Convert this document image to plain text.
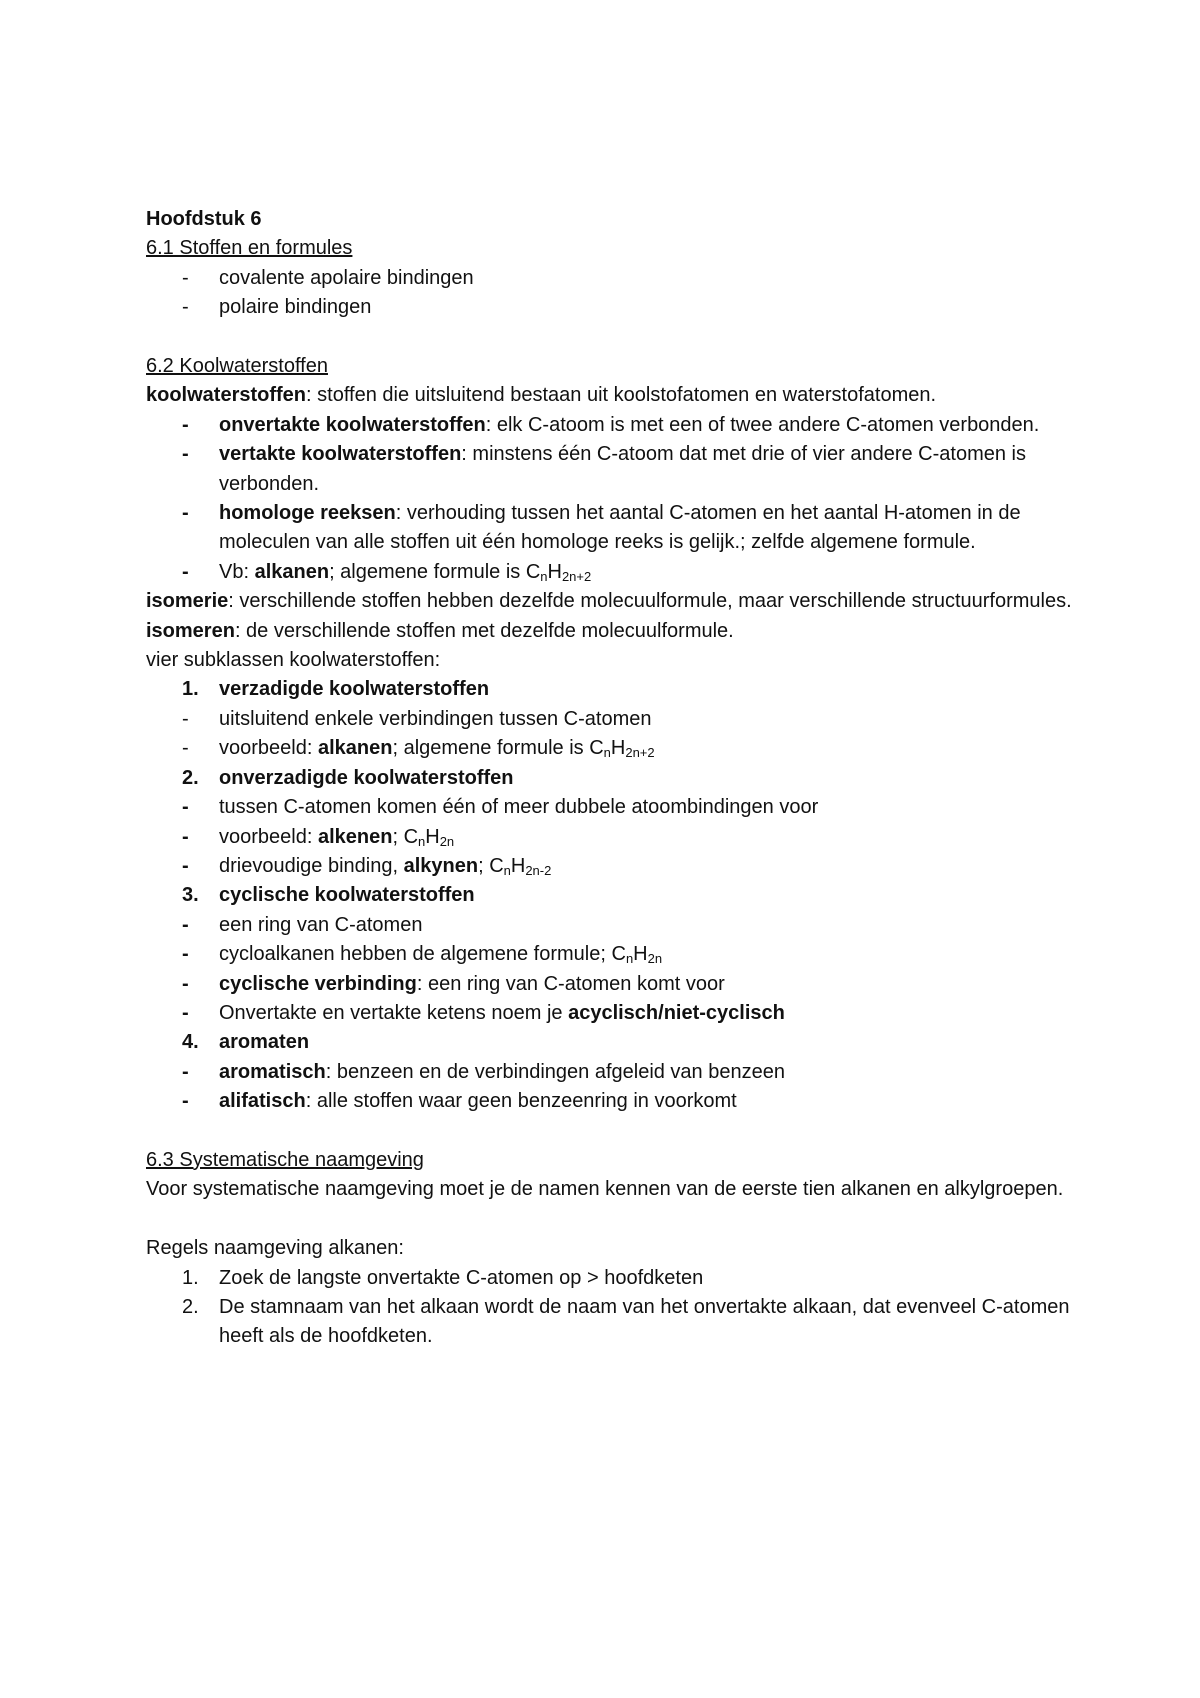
Hoofdstuk 6
6.1 Stoffen en formules
- covalente apolaire bindingen
- polaire bindingen
6.2 Koolwaterstoffen
koolwaterstoffen: stoffen die uitsluitend bestaan uit koolstofatomen en waterstofatomen.
- onvertakte koolwaterstoffen: elk C-atoom is met een of twee andere C-atomen verbonden.
- vertakte koolwaterstoffen: minstens één C-atoom dat met drie of vier andere C-atomen is verbonden.
- homologe reeksen: verhouding tussen het aantal C-atomen en het aantal H-atomen in de moleculen van alle stoffen uit één homologe reeks is gelijk.; zelfde algemene formule.
- Vb: alkanen; algemene formule is $C_nH_{2n+2}$
isomerie: verschillende stoffen hebben dezelfde molecuulformule, maar verschillende structuurformules.
isomeren: de verschillende stoffen met dezelfde molecuulformule.
vier subklassen koolwaterstoffen:
1. verzadigde koolwaterstoffen
- uitsluitend enkele verbindingen tussen C-atomen
- voorbeeld: alkanen; algemene formule is $C_nH_{2n+2}$
2. onverzadigde koolwaterstoffen
- tussen C-atomen komen één of meer dubbele atoombindingen voor
- voorbeeld: alkenen; $C_nH_{2n}$
- drievoudige binding, alkynen; $C_nH_{2n-2}$
3. cyclische koolwaterstoffen
- een ring van C-atomen
- cycloalkanen hebben de algemene formule; $C_nH_{2n}$
- cyclische verbinding: een ring van C-atomen komt voor
- Onvertakte en vertakte ketens noem je acyclisch/niet-cyclisch
4. aromaten
- aromatisch: benzeen en de verbindingen afgeleid van benzeen
- alifatisch: alle stoffen waar geen benzeenring in voorkomt
6.3 Systematische naamgeving
Voor systematische naamgeving moet je de namen kennen van de eerste tien alkanen en alkylgroepen.
Regels naamgeving alkanen:
1. Zoek de langste onvertakte C-atomen op > hoofdketen
2. De stamnaam van het alkaan wordt de naam van het onvertakte alkaan, dat evenveel C-atomen heeft als de hoofdketen.
